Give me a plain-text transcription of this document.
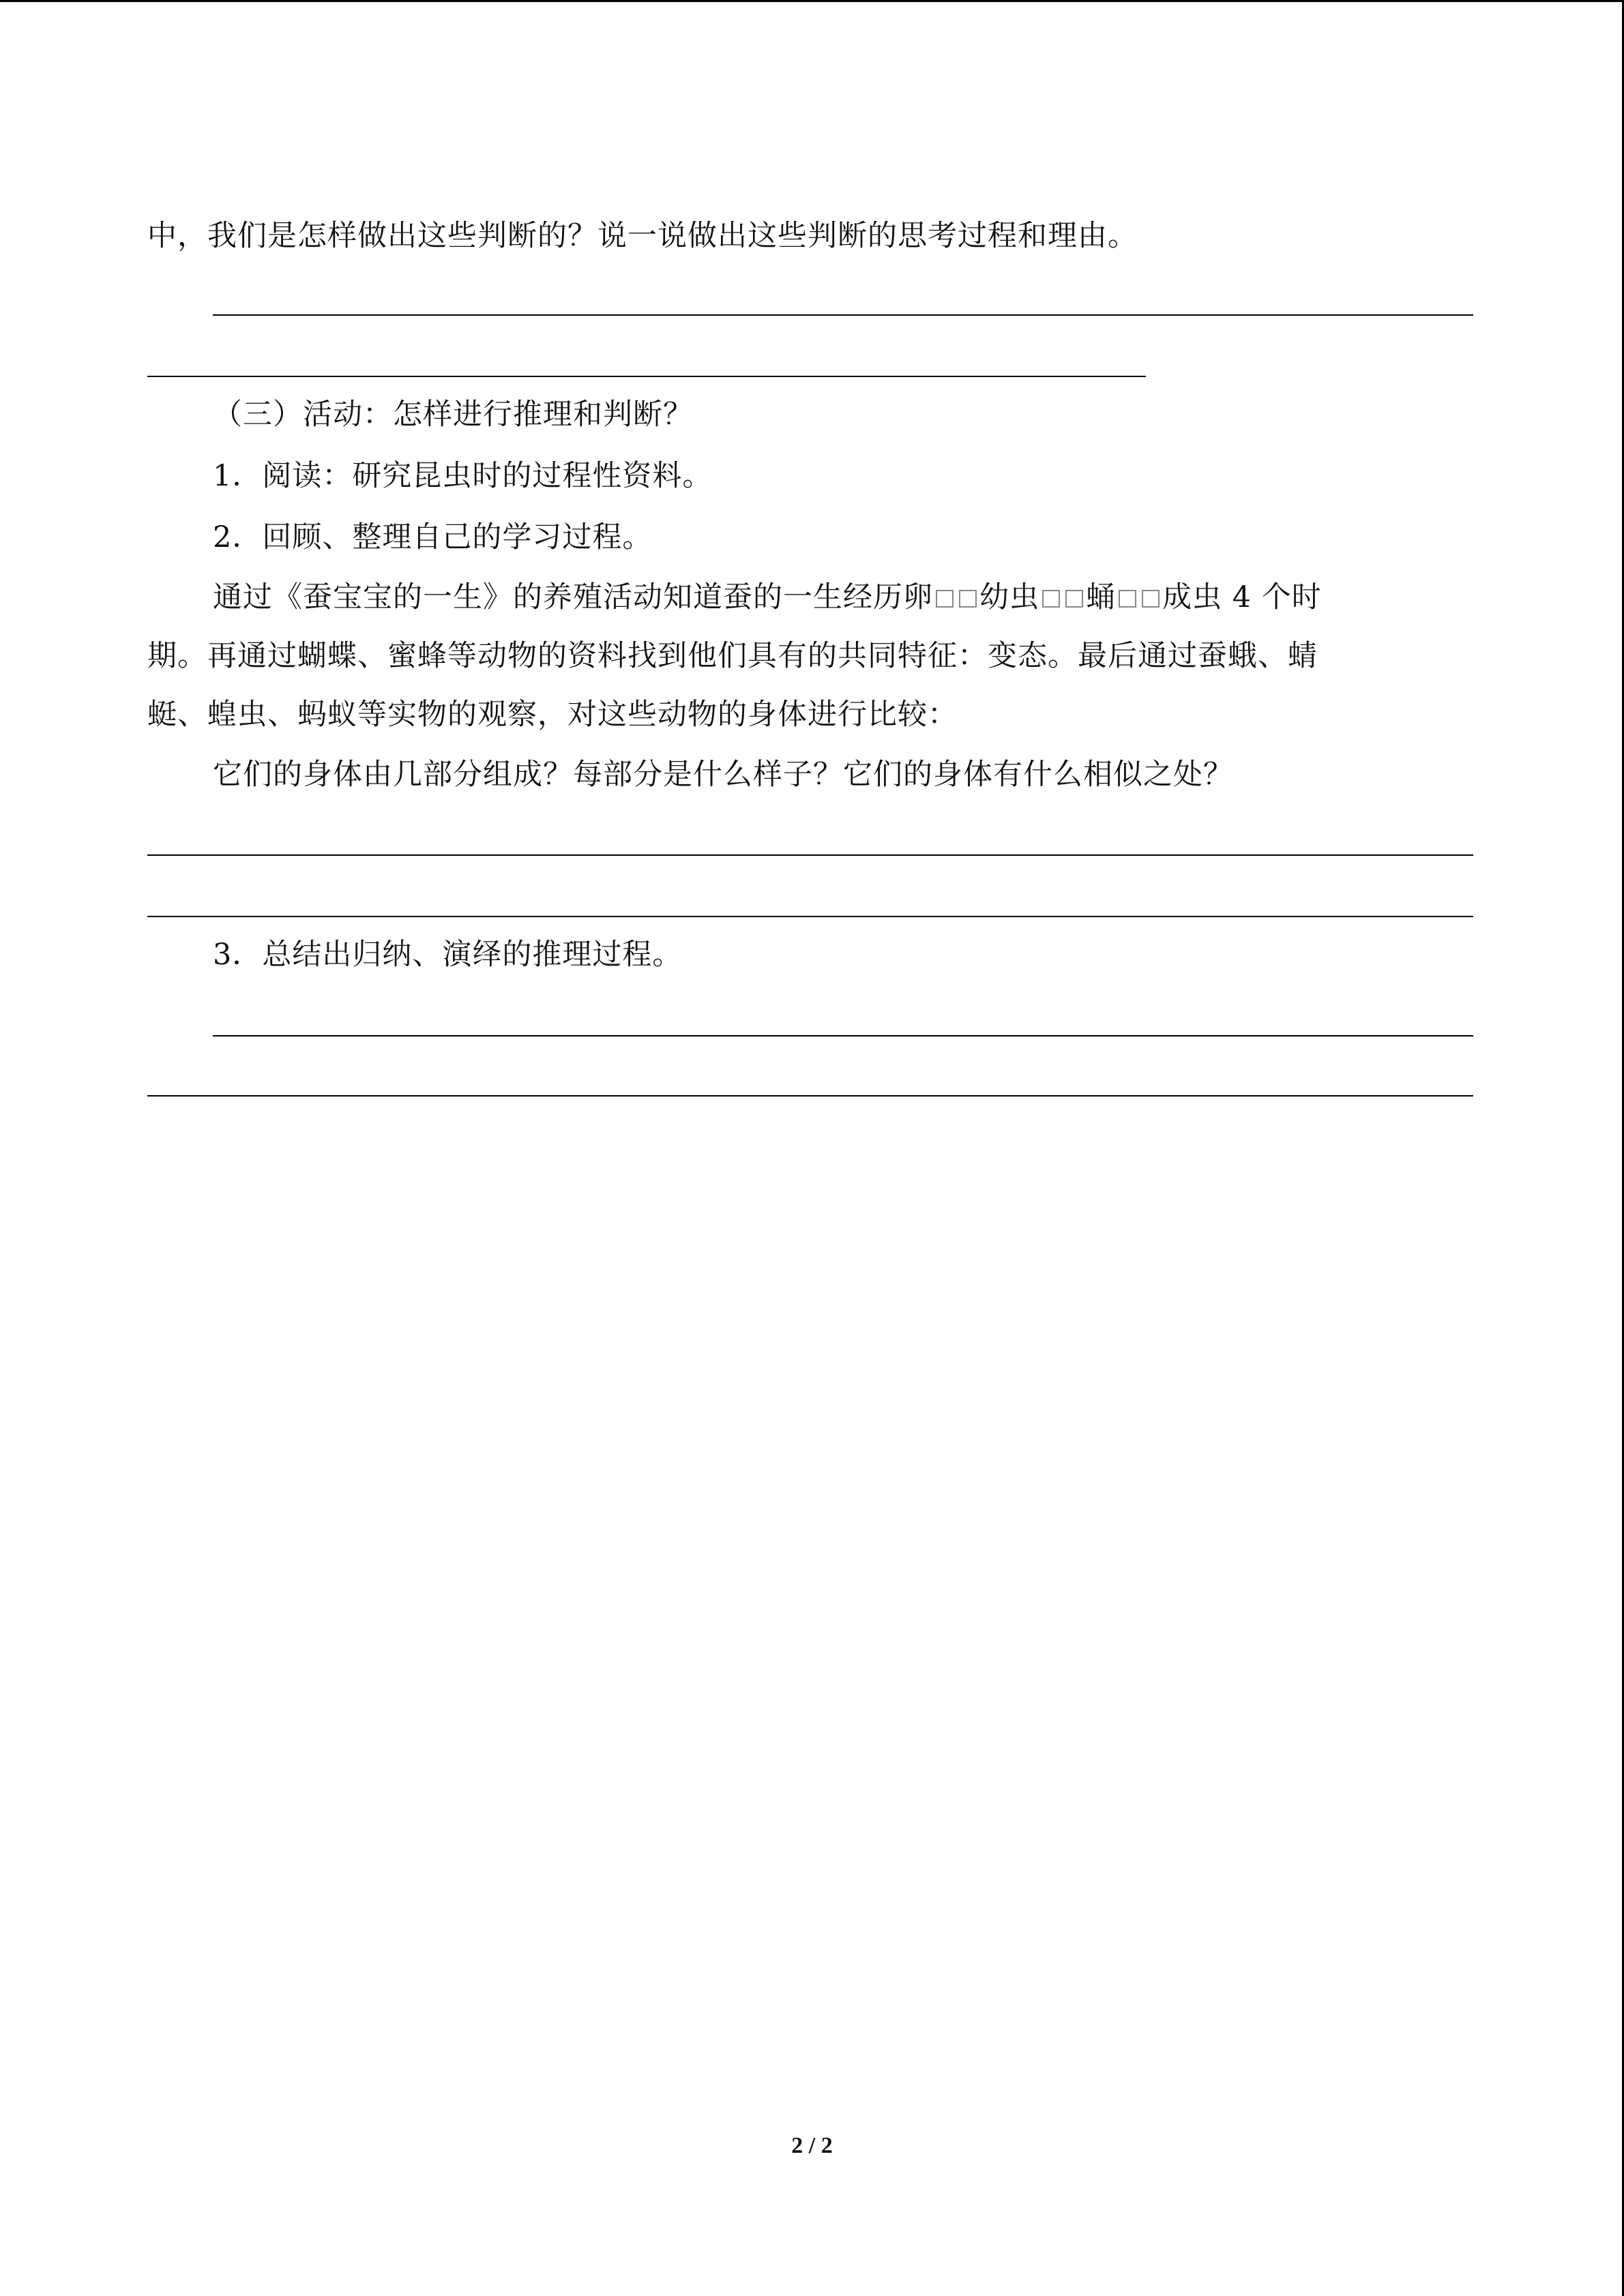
中，我们是怎样做出这些判断的？说一说做出这些判断的思考过程和理由。
（三）活动：怎样进行推理和判断？
1．阅读：研究昆虫时的过程性资料。
2．回顾、整理自己的学习过程。
通过《蚕宝宝的一生》的养殖活动知道蚕的一生经历卵 幼虫 蛹 成虫 4 个时
期。再通过蝴蝶、蜜蜂等动物的资料找到他们具有的共同特征：变态。最后通过蚕蛾、蜻
蜓、蝗虫、蚂蚁等实物的观察，对这些动物的身体进行比较：
它们的身体由几部分组成？每部分是什么样子？它们的身体有什么相似之处？
3．总结出归纳、演绎的推理过程。
2 / 2
